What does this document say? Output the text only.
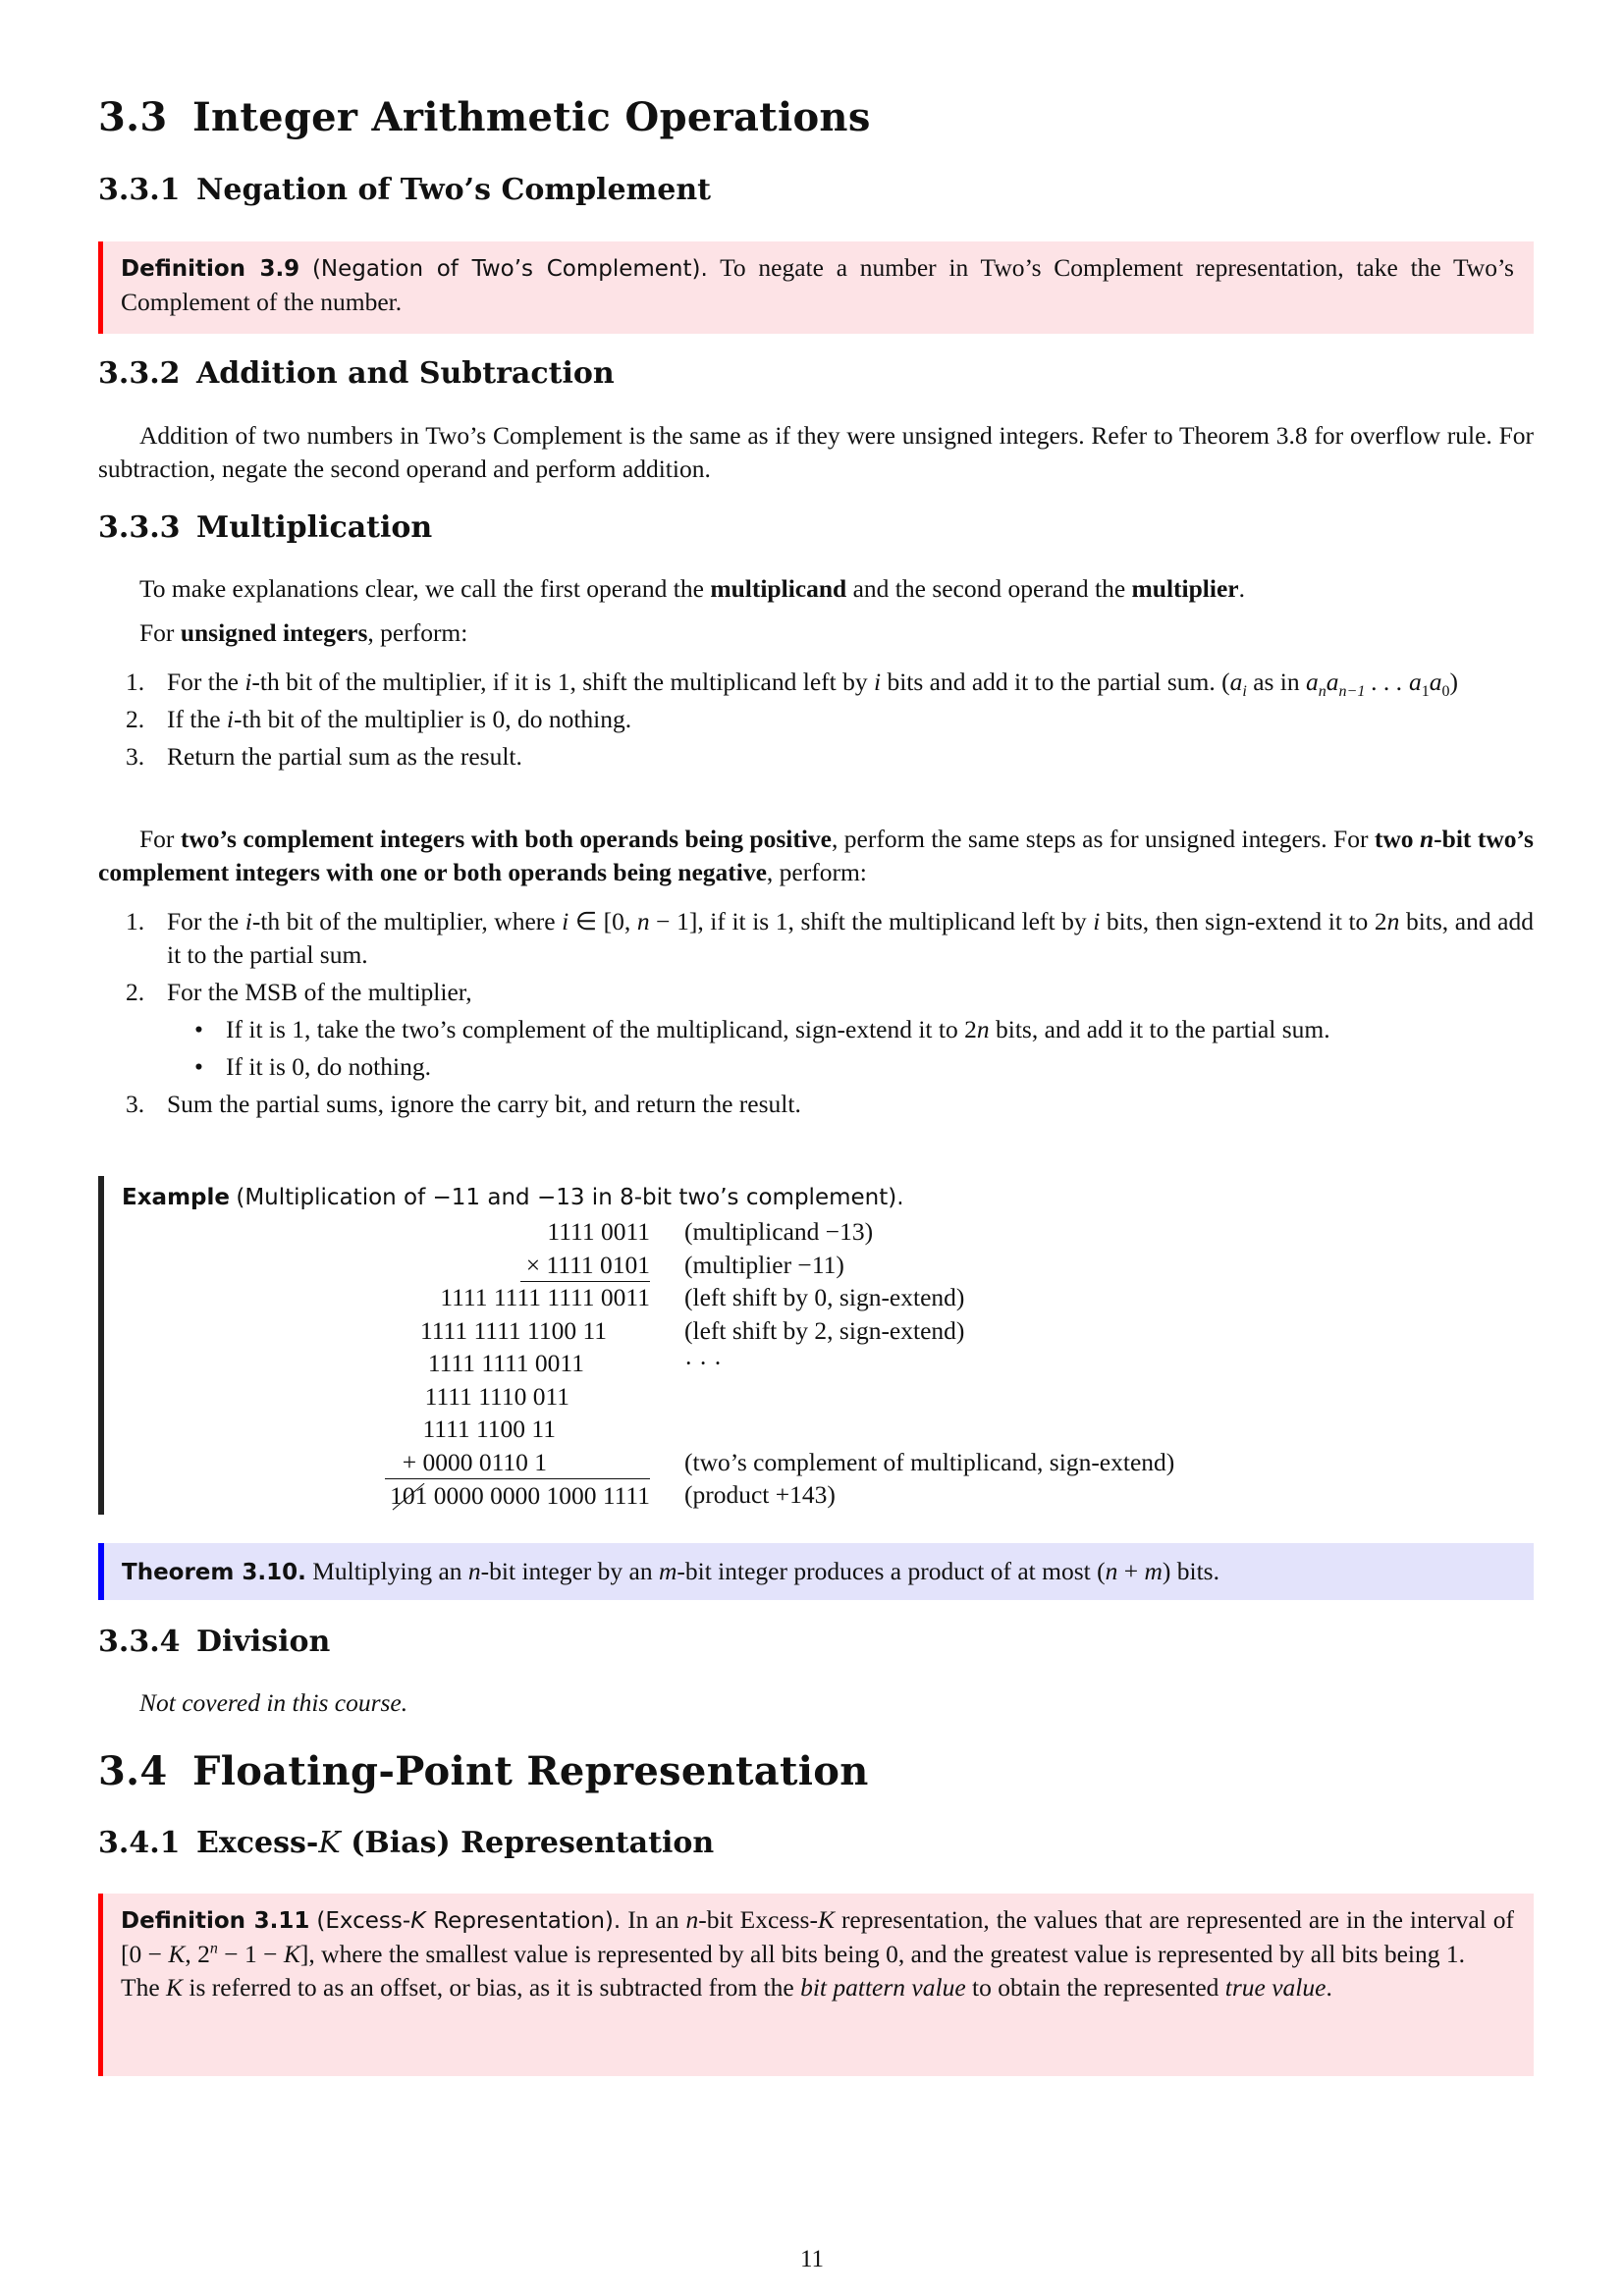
3.3 Integer Arithmetic Operations
3.3.1 Negation of Two’s Complement
Definition 3.9 (Negation of Two’s Complement). To negate a number in Two’s Complement representation, take the Two’s Complement of the number.
3.3.2 Addition and Subtraction
Addition of two numbers in Two’s Complement is the same as if they were unsigned integers. Refer to Theorem 3.8 for overflow rule. For subtraction, negate the second operand and perform addition.
3.3.3 Multiplication
To make explanations clear, we call the first operand the multiplicand and the second operand the multiplier.
For unsigned integers, perform:
1. For the i-th bit of the multiplier, if it is 1, shift the multiplicand left by i bits and add it to the partial sum. ($a_i$ as in $a_na_{n-1}$ . . . $a_1a_0$)
2. If the i-th bit of the multiplier is 0, do nothing.
3. Return the partial sum as the result.
For two’s complement integers with both operands being positive, perform the same steps as for unsigned integers. For two n-bit two’s complement integers with one or both operands being negative, perform:
1. For the i-th bit of the multiplier, where i ∈ [0, n − 1], if it is 1, shift the multiplicand left by i bits, then sign-extend it to 2n bits, and add it to the partial sum.
2. For the MSB of the multiplier,
• If it is 1, take the two’s complement of the multiplicand, sign-extend it to 2n bits, and add it to the partial sum.
• If it is 0, do nothing.
3. Sum the partial sums, ignore the carry bit, and return the result.
Example (Multiplication of −11 and −13 in 8-bit two’s complement).
1111 0011
× 1111 0101
1111 1111 1111 0011
1111 1111 1100 11
1111 1111 0011
1111 1110 011
1111 1100 11
+ 0000 0110 1
101 0000 0000 1000 1111
(multiplicand −13)
(multiplier −11)
(left shift by 0, sign-extend)
(left shift by 2, sign-extend)
· · ·
(two’s complement of multiplicand, sign-extend)
(product +143)
Theorem 3.10. Multiplying an n-bit integer by an m-bit integer produces a product of at most (n + m) bits.
3.3.4 Division
Not covered in this course.
3.4 Floating-Point Representation
3.4.1 Excess-K (Bias) Representation
Definition 3.11 (Excess-K Representation). In an n-bit Excess-K representation, the values that are represented are in the interval of [0 − K, $2^n - 1 - K$], where the smallest value is represented by all bits being 0, and the greatest value is represented by all bits being 1.
The K is referred to as an offset, or bias, as it is subtracted from the bit pattern value to obtain the represented true value.
11
